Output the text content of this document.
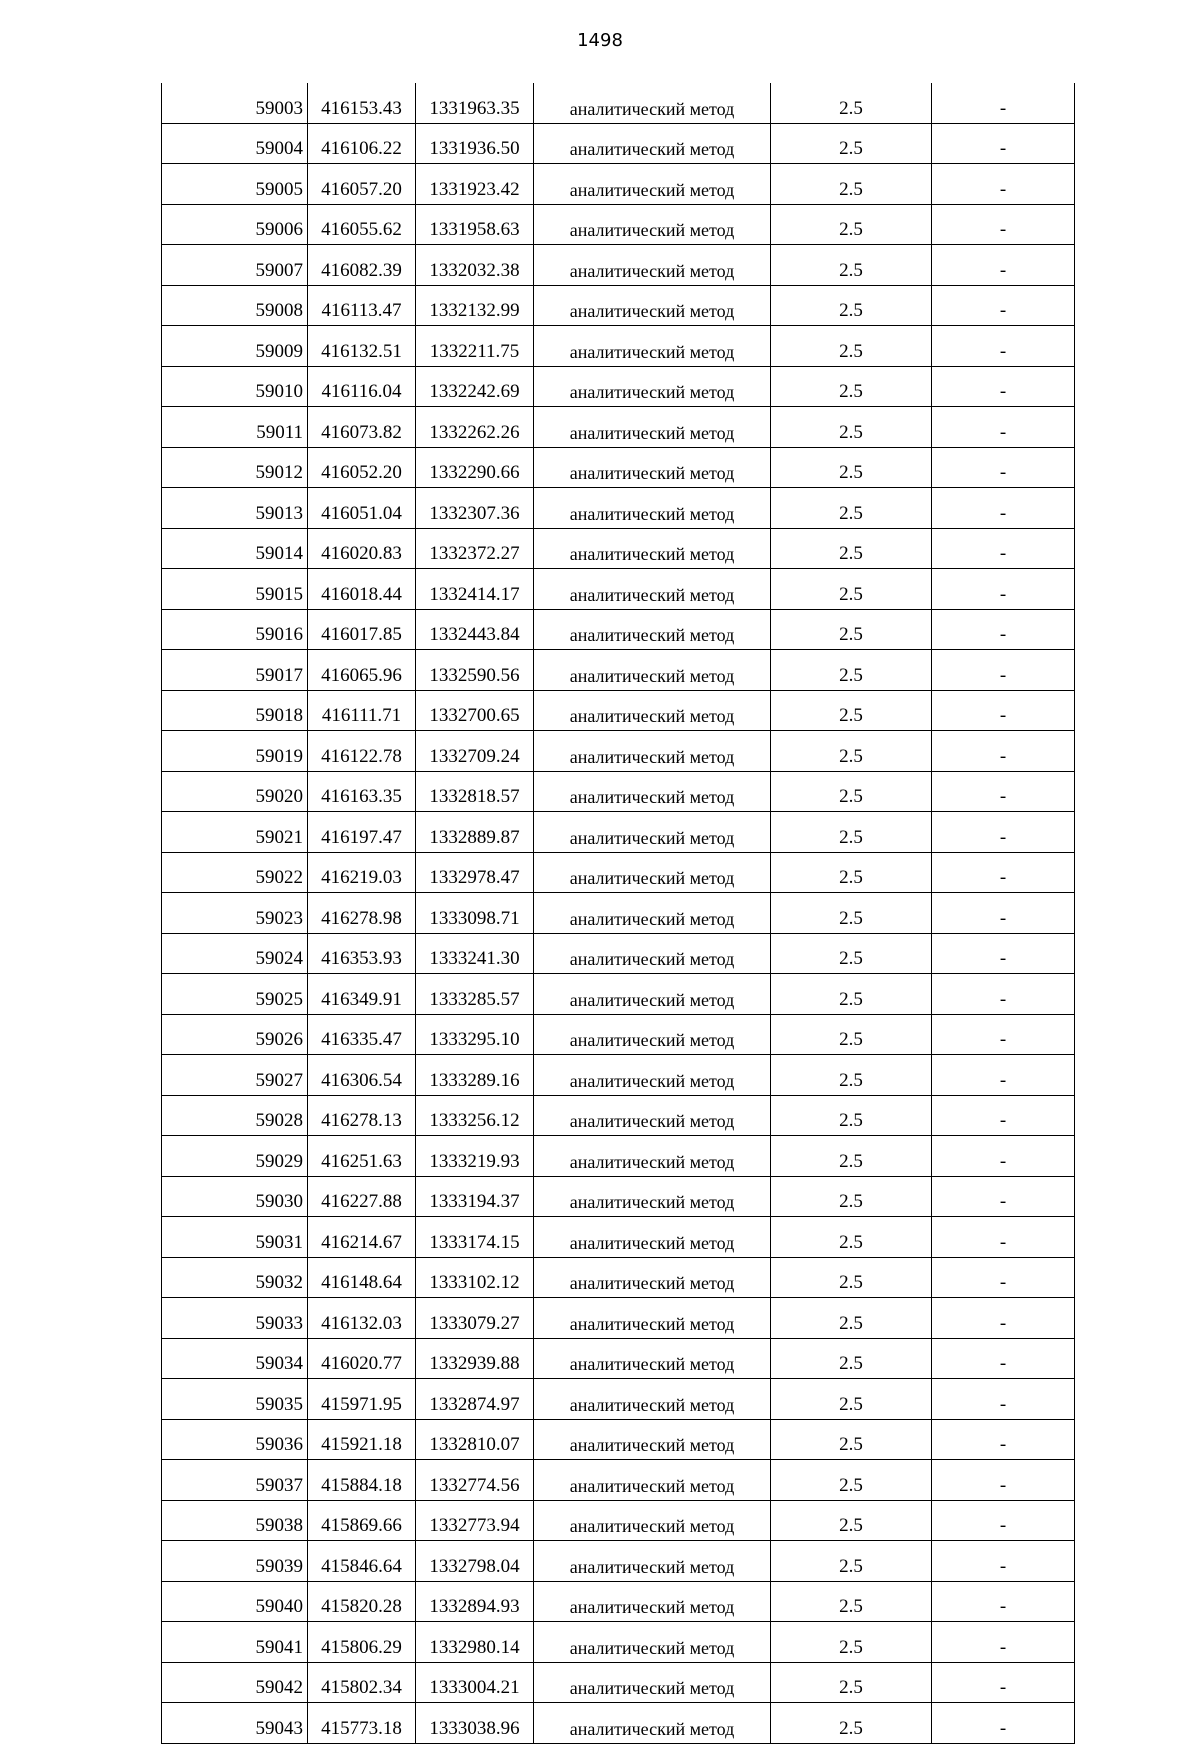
1498
59003	416153.43	1331963.35	аналитический метод	2.5	-
59004	416106.22	1331936.50	аналитический метод	2.5	-
59005	416057.20	1331923.42	аналитический метод	2.5	-
59006	416055.62	1331958.63	аналитический метод	2.5	-
59007	416082.39	1332032.38	аналитический метод	2.5	-
59008	416113.47	1332132.99	аналитический метод	2.5	-
59009	416132.51	1332211.75	аналитический метод	2.5	-
59010	416116.04	1332242.69	аналитический метод	2.5	-
59011	416073.82	1332262.26	аналитический метод	2.5	-
59012	416052.20	1332290.66	аналитический метод	2.5	-
59013	416051.04	1332307.36	аналитический метод	2.5	-
59014	416020.83	1332372.27	аналитический метод	2.5	-
59015	416018.44	1332414.17	аналитический метод	2.5	-
59016	416017.85	1332443.84	аналитический метод	2.5	-
59017	416065.96	1332590.56	аналитический метод	2.5	-
59018	416111.71	1332700.65	аналитический метод	2.5	-
59019	416122.78	1332709.24	аналитический метод	2.5	-
59020	416163.35	1332818.57	аналитический метод	2.5	-
59021	416197.47	1332889.87	аналитический метод	2.5	-
59022	416219.03	1332978.47	аналитический метод	2.5	-
59023	416278.98	1333098.71	аналитический метод	2.5	-
59024	416353.93	1333241.30	аналитический метод	2.5	-
59025	416349.91	1333285.57	аналитический метод	2.5	-
59026	416335.47	1333295.10	аналитический метод	2.5	-
59027	416306.54	1333289.16	аналитический метод	2.5	-
59028	416278.13	1333256.12	аналитический метод	2.5	-
59029	416251.63	1333219.93	аналитический метод	2.5	-
59030	416227.88	1333194.37	аналитический метод	2.5	-
59031	416214.67	1333174.15	аналитический метод	2.5	-
59032	416148.64	1333102.12	аналитический метод	2.5	-
59033	416132.03	1333079.27	аналитический метод	2.5	-
59034	416020.77	1332939.88	аналитический метод	2.5	-
59035	415971.95	1332874.97	аналитический метод	2.5	-
59036	415921.18	1332810.07	аналитический метод	2.5	-
59037	415884.18	1332774.56	аналитический метод	2.5	-
59038	415869.66	1332773.94	аналитический метод	2.5	-
59039	415846.64	1332798.04	аналитический метод	2.5	-
59040	415820.28	1332894.93	аналитический метод	2.5	-
59041	415806.29	1332980.14	аналитический метод	2.5	-
59042	415802.34	1333004.21	аналитический метод	2.5	-
59043	415773.18	1333038.96	аналитический метод	2.5	-
